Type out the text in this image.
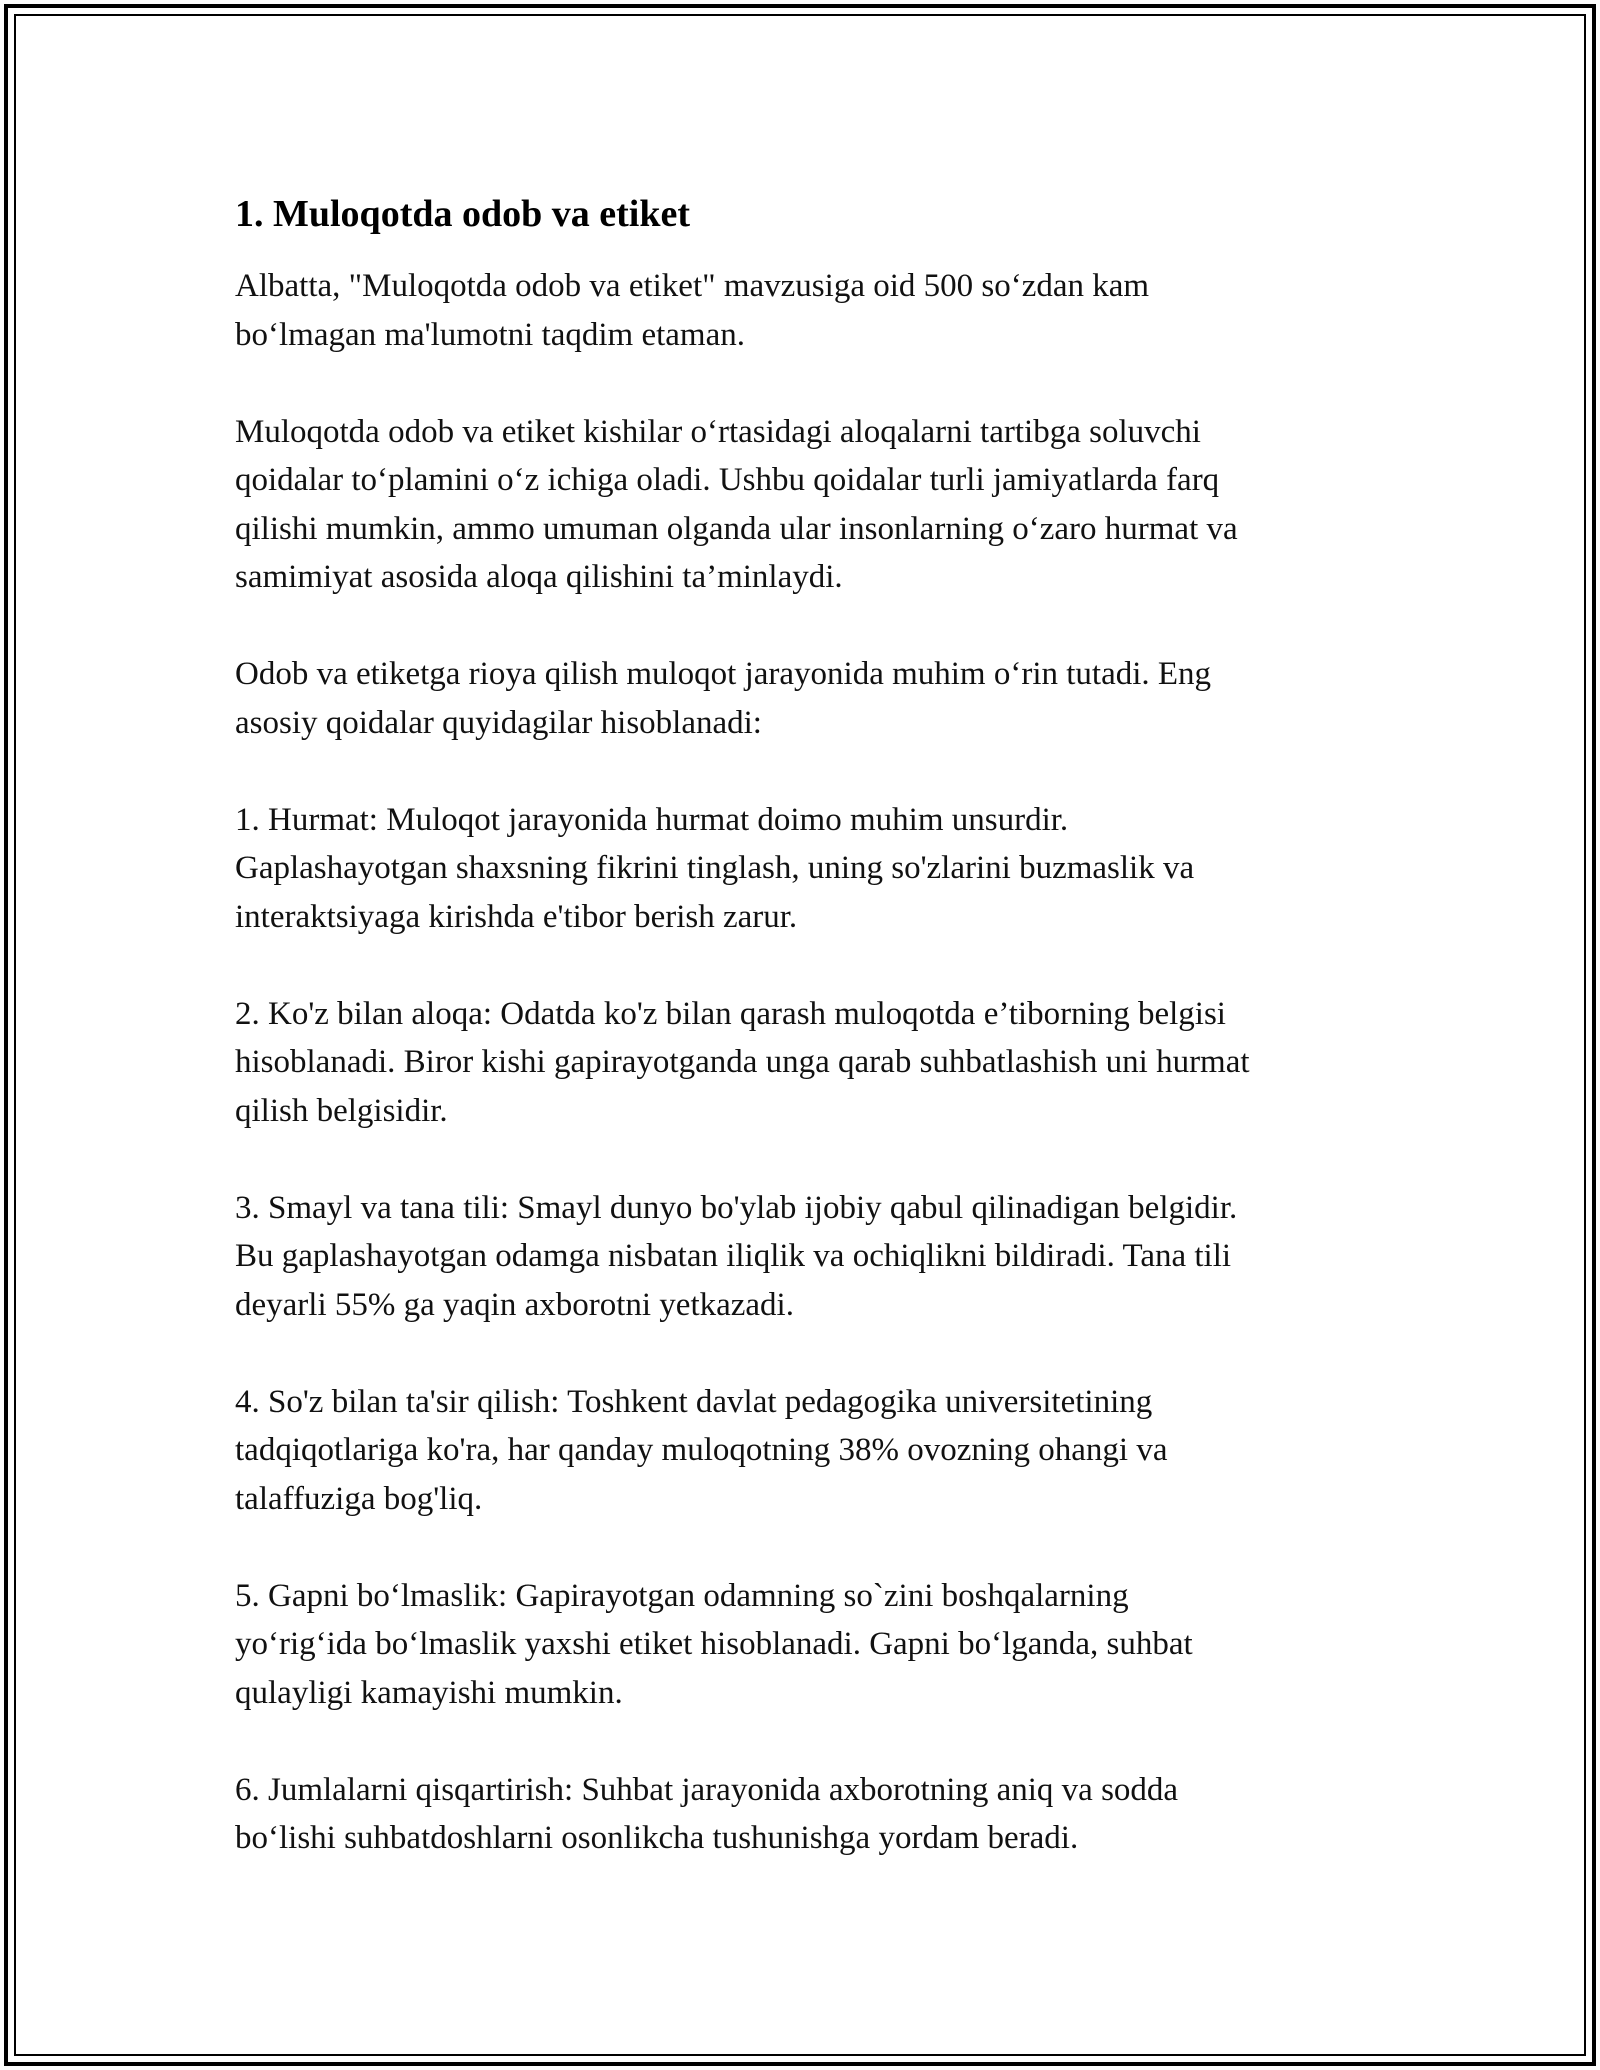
1. Muloqotda odob va etiket
Albatta, "Muloqotda odob va etiket" mavzusiga oid 500 so‘zdan kam
bo‘lmagan ma'lumotni taqdim etaman.
Muloqotda odob va etiket kishilar o‘rtasidagi aloqalarni tartibga soluvchi
qoidalar to‘plamini o‘z ichiga oladi. Ushbu qoidalar turli jamiyatlarda farq
qilishi mumkin, ammo umuman olganda ular insonlarning o‘zaro hurmat va
samimiyat asosida aloqa qilishini ta’minlaydi.
Odob va etiketga rioya qilish muloqot jarayonida muhim o‘rin tutadi. Eng
asosiy qoidalar quyidagilar hisoblanadi:
1. Hurmat: Muloqot jarayonida hurmat doimo muhim unsurdir.
Gaplashayotgan shaxsning fikrini tinglash, uning so'zlarini buzmaslik va
interaktsiyaga kirishda e'tibor berish zarur.
2. Ko'z bilan aloqa: Odatda ko'z bilan qarash muloqotda e’tiborning belgisi
hisoblanadi. Biror kishi gapirayotganda unga qarab suhbatlashish uni hurmat
qilish belgisidir.
3. Smayl va tana tili: Smayl dunyo bo'ylab ijobiy qabul qilinadigan belgidir.
Bu gaplashayotgan odamga nisbatan iliqlik va ochiqlikni bildiradi. Tana tili
deyarli 55% ga yaqin axborotni yetkazadi.
4. So'z bilan ta'sir qilish: Toshkent davlat pedagogika universitetining
tadqiqotlariga ko'ra, har qanday muloqotning 38% ovozning ohangi va
talaffuziga bog'liq.
5. Gapni bo‘lmaslik: Gapirayotgan odamning so`zini boshqalarning
yo‘rig‘ida bo‘lmaslik yaxshi etiket hisoblanadi. Gapni bo‘lganda, suhbat
qulayligi kamayishi mumkin.
6. Jumlalarni qisqartirish: Suhbat jarayonida axborotning aniq va sodda
bo‘lishi suhbatdoshlarni osonlikcha tushunishga yordam beradi.
